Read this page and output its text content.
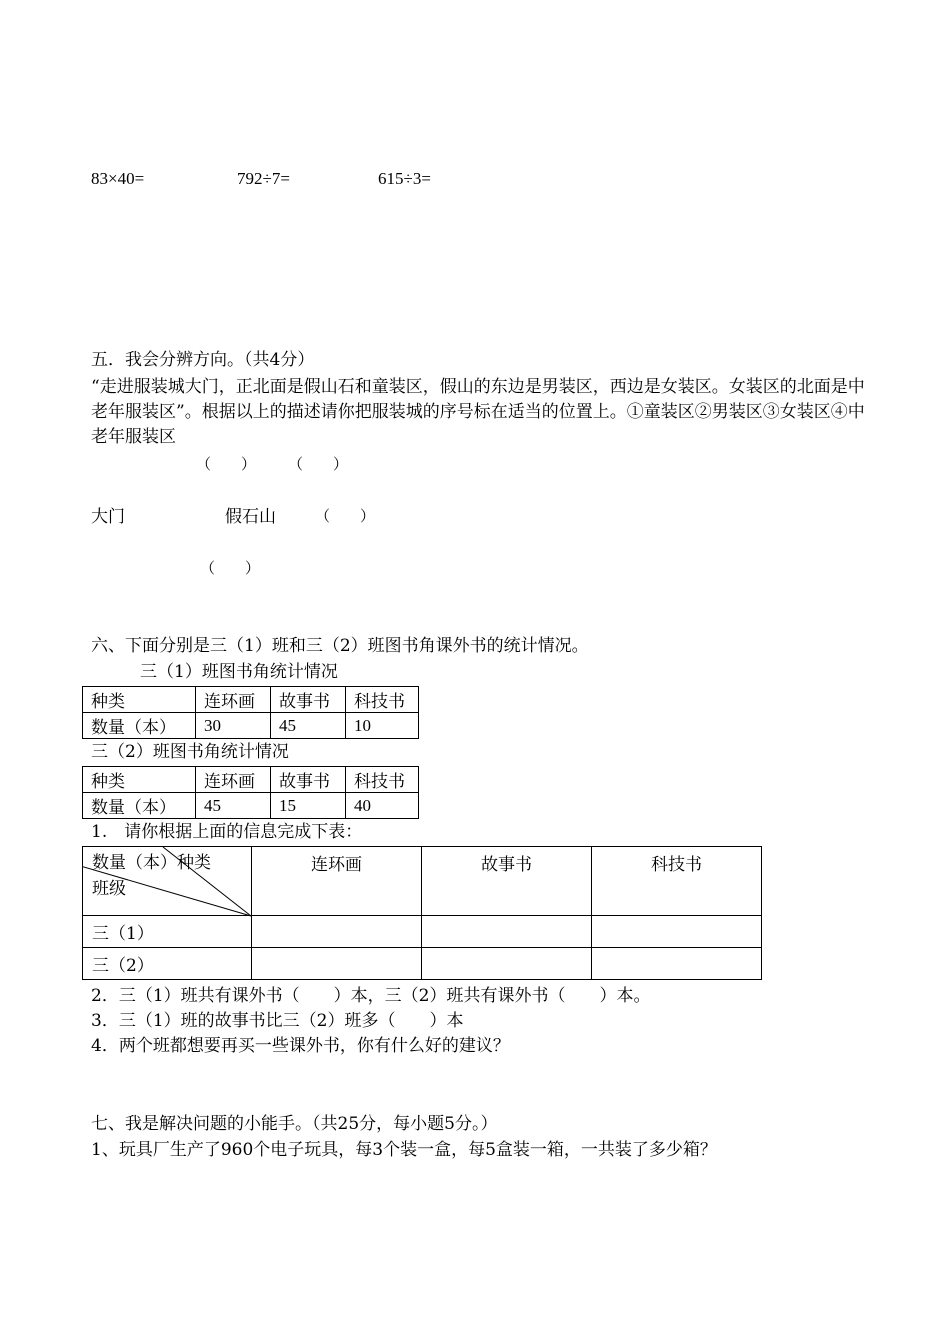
83×40=	792÷7=	615÷3=
五．我会分辨方向。（共4分）
“走进服装城大门，正北面是假山石和童装区，假山的东边是男装区，西边是女装区。女装区的北面是中老年服装区”。根据以上的描述请你把服装城的序号标在适当的位置上。①童装区②男装区③女装区④中老年服装区
（　　） （　　）
大门	假石山	（　　）
（　　）
六、下面分别是三（1）班和三（2）班图书角课外书的统计情况。
三（1）班图书角统计情况
种类	连环画	故事书	科技书
数量（本）	30	45	10
三（2）班图书角统计情况
种类	连环画	故事书	科技书
数量（本）	45	15	40
1.　请你根据上面的信息完成下表：
数量（本）种类
班级	连环画	故事书	科技书
三（1）			
三（2）			
2．三（1）班共有课外书（　　）本，三（2）班共有课外书（　　）本。
3．三（1）班的故事书比三（2）班多（　　）本
4．两个班都想要再买一些课外书，你有什么好的建议？
七、我是解决问题的小能手。（共25分，每小题5分。）
1、玩具厂生产了960个电子玩具，每3个装一盒，每5盒装一箱，一共装了多少箱？
